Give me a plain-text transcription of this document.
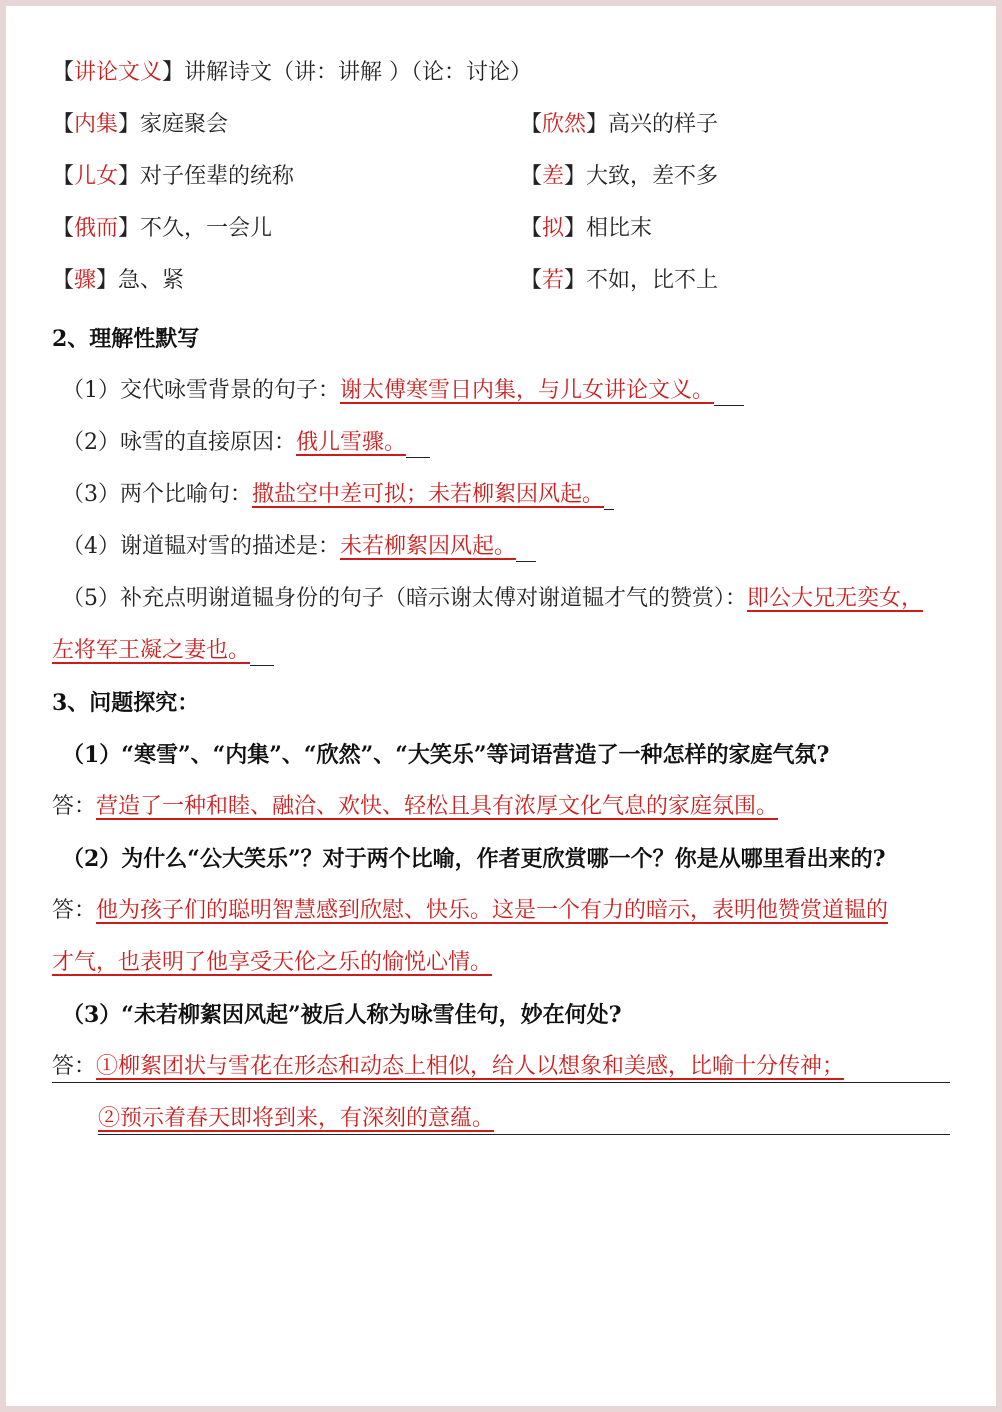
【讲论文义】讲解诗文（讲：讲解 ）（论：讨论）
【内集】家庭聚会	【欣然】高兴的样子
【儿女】对子侄辈的统称	【差】大致，差不多
【俄而】不久，一会儿	【拟】相比末
【骤】急、紧	【若】不如，比不上
2、理解性默写
（1）交代咏雪背景的句子：谢太傅寒雪日内集，与儿女讲论文义。
（2）咏雪的直接原因：俄儿雪骤。
（3）两个比喻句：撒盐空中差可拟；未若柳絮因风起。
（4）谢道韫对雪的描述是：未若柳絮因风起。
（5）补充点明谢道韫身份的句子（暗示谢太傅对谢道韫才气的赞赏）：即公大兄无奕女，
左将军王凝之妻也。
3、问题探究：
（1）“寒雪”、“内集”、“欣然”、“大笑乐”等词语营造了一种怎样的家庭气氛?
答：营造了一种和睦、融洽、欢快、轻松且具有浓厚文化气息的家庭氛围。
（2）为什么“公大笑乐”？对于两个比喻，作者更欣赏哪一个？你是从哪里看出来的?
答：他为孩子们的聪明智慧感到欣慰、快乐。这是一个有力的暗示，表明他赞赏道韫的
才气，也表明了他享受天伦之乐的愉悦心情。
（3）“未若柳絮因风起”被后人称为咏雪佳句，妙在何处?
答：①柳絮团状与雪花在形态和动态上相似，给人以想象和美感，比喻十分传神；
②预示着春天即将到来，有深刻的意蕴。
